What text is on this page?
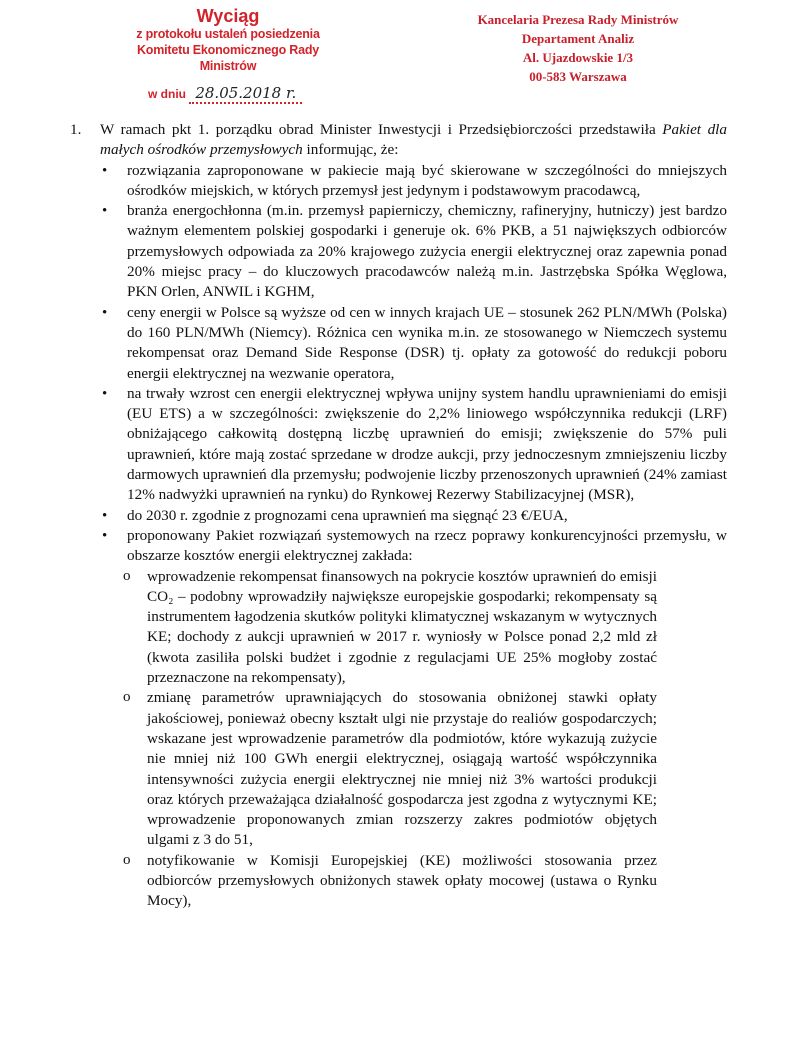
Wyciąg
z protokołu ustaleń posiedzenia
Komitetu Ekonomicznego Rady Ministrów
w dniu 28.05.2018 r.
Kancelaria Prezesa Rady Ministrów
Departament Analiz
Al. Ujazdowskie 1/3
00-583 Warszawa
1. W ramach pkt 1. porządku obrad Minister Inwestycji i Przedsiębiorczości przedstawiła Pakiet dla małych ośrodków przemysłowych informując, że:
• rozwiązania zaproponowane w pakiecie mają być skierowane w szczególności do mniejszych ośrodków miejskich, w których przemysł jest jedynym i podstawowym pracodawcą,
• branża energochłonna (m.in. przemysł papierniczy, chemiczny, rafineryjny, hutniczy) jest bardzo ważnym elementem polskiej gospodarki i generuje ok. 6% PKB, a 51 największych odbiorców przemysłowych odpowiada za 20% krajowego zużycia energii elektrycznej oraz zapewnia ponad 20% miejsc pracy – do kluczowych pracodawców należą m.in. Jastrzębska Spółka Węglowa, PKN Orlen, ANWIL i KGHM,
• ceny energii w Polsce są wyższe od cen w innych krajach UE – stosunek 262 PLN/MWh (Polska) do 160 PLN/MWh (Niemcy). Różnica cen wynika m.in. ze stosowanego w Niemczech systemu rekompensat oraz Demand Side Response (DSR) tj. opłaty za gotowość do redukcji poboru energii elektrycznej na wezwanie operatora,
• na trwały wzrost cen energii elektrycznej wpływa unijny system handlu uprawnieniami do emisji (EU ETS) a w szczególności: zwiększenie do 2,2% liniowego współczynnika redukcji (LRF) obniżającego całkowitą dostępną liczbę uprawnień do emisji; zwiększenie do 57% puli uprawnień, które mają zostać sprzedane w drodze aukcji, przy jednoczesnym zmniejszeniu liczby darmowych uprawnień dla przemysłu; podwojenie liczby przenoszonych uprawnień (24% zamiast 12% nadwyżki uprawnień na rynku) do Rynkowej Rezerwy Stabilizacyjnej (MSR),
• do 2030 r. zgodnie z prognozami cena uprawnień ma sięgnąć 23 €/EUA,
• proponowany Pakiet rozwiązań systemowych na rzecz poprawy konkurencyjności przemysłu, w obszarze kosztów energii elektrycznej zakłada:
o wprowadzenie rekompensat finansowych na pokrycie kosztów uprawnień do emisji CO₂ – podobny wprowadziły największe europejskie gospodarki; rekompensaty są instrumentem łagodzenia skutków polityki klimatycznej wskazanym w wytycznych KE; dochody z aukcji uprawnień w 2017 r. wyniosły w Polsce ponad 2,2 mld zł (kwota zasiliła polski budżet i zgodnie z regulacjami UE 25% mogłoby zostać przeznaczone na rekompensaty),
o zmianę parametrów uprawniających do stosowania obniżonej stawki opłaty jakościowej, ponieważ obecny kształt ulgi nie przystaje do realiów gospodarczych; wskazane jest wprowadzenie parametrów dla podmiotów, które wykazują zużycie nie mniej niż 100 GWh energii elektrycznej, osiągają wartość współczynnika intensywności zużycia energii elektrycznej nie mniej niż 3% wartości produkcji oraz których przeważająca działalność gospodarcza jest zgodna z wytycznymi KE; wprowadzenie proponowanych zmian rozszerzy zakres podmiotów objętych ulgami z 3 do 51,
o notyfikowanie w Komisji Europejskiej (KE) możliwości stosowania przez odbiorców przemysłowych obniżonych stawek opłaty mocowej (ustawa o Rynku Mocy),
